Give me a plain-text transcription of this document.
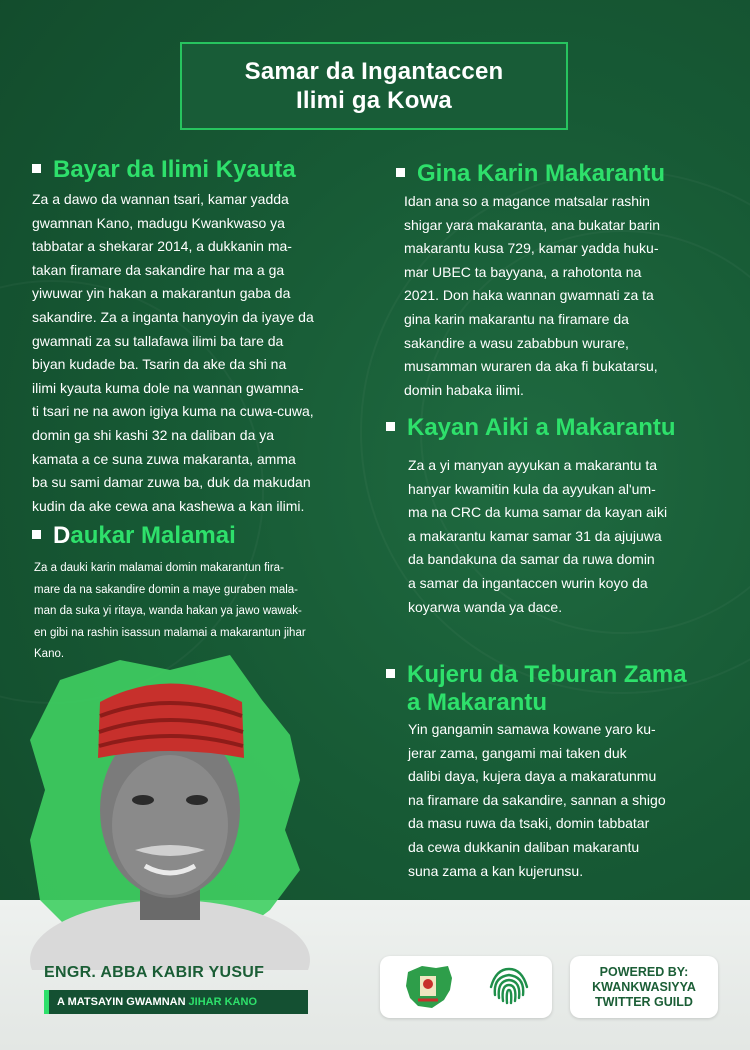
Samar da Ingantaccen
Ilimi ga Kowa
Bayar da Ilimi Kyauta
Za a dawo da wannan tsari, kamar yadda
gwamnan Kano, madugu Kwankwaso ya
tabbatar a shekarar 2014, a dukkanin ma-
takan firamare da sakandire har ma a ga
yiwuwar yin hakan a makarantun gaba da
sakandire. Za a inganta hanyoyin da iyaye da
gwamnati za su tallafawa ilimi ba tare da
biyan kudade ba. Tsarin da ake da shi na
ilimi kyauta kuma dole na wannan gwamna-
ti tsari ne na awon igiya kuma na cuwa-cuwa,
domin ga shi kashi 32 na daliban da ya
kamata a ce suna zuwa makaranta, amma
ba su sami damar zuwa ba, duk da makudan
kudin da ake cewa ana kashewa a kan ilimi.
Daukar Malamai
Za a dauki karin malamai domin makarantun fira-
mare da na sakandire domin a maye guraben mala-
man da suka yi ritaya, wanda hakan ya jawo wawak-
en gibi na rashin isassun malamai a makarantun jihar
Kano.
Gina Karin Makarantu
Idan ana so a magance matsalar rashin
shigar yara makaranta, ana bukatar barin
makarantu kusa 729, kamar yadda huku-
mar UBEC ta bayyana, a rahotonta na
2021. Don haka wannan gwamnati za ta
gina karin makarantu na firamare da
sakandire a wasu zababbun wurare,
musamman wuraren da aka fi bukatarsu,
domin habaka ilimi.
Kayan Aiki a Makarantu
Za a yi manyan ayyukan a makarantu ta
hanyar kwamitin kula da ayyukan al'um-
ma na CRC da kuma samar da kayan aiki
a makarantu kamar samar 31 da ajujuwa
da bandakuna da samar da ruwa domin
a samar da ingantaccen wurin koyo da
koyarwa wanda ya dace.
Kujeru da Teburan Zama
a Makarantu
Yin gangamin samawa kowane yaro ku-
jerar zama, gangami mai taken duk
dalibi daya, kujera daya a makaratunmu
na firamare da sakandire, sannan a shigo
da masu ruwa da tsaki, domin tabbatar
da cewa dukkanin daliban makarantu
suna zama a kan kujerunsu.
ENGR. ABBA KABIR YUSUF
A MATSAYIN GWAMNAN JIHAR KANO
POWERED BY:
KWANKWASIYYA
TWITTER GUILD
